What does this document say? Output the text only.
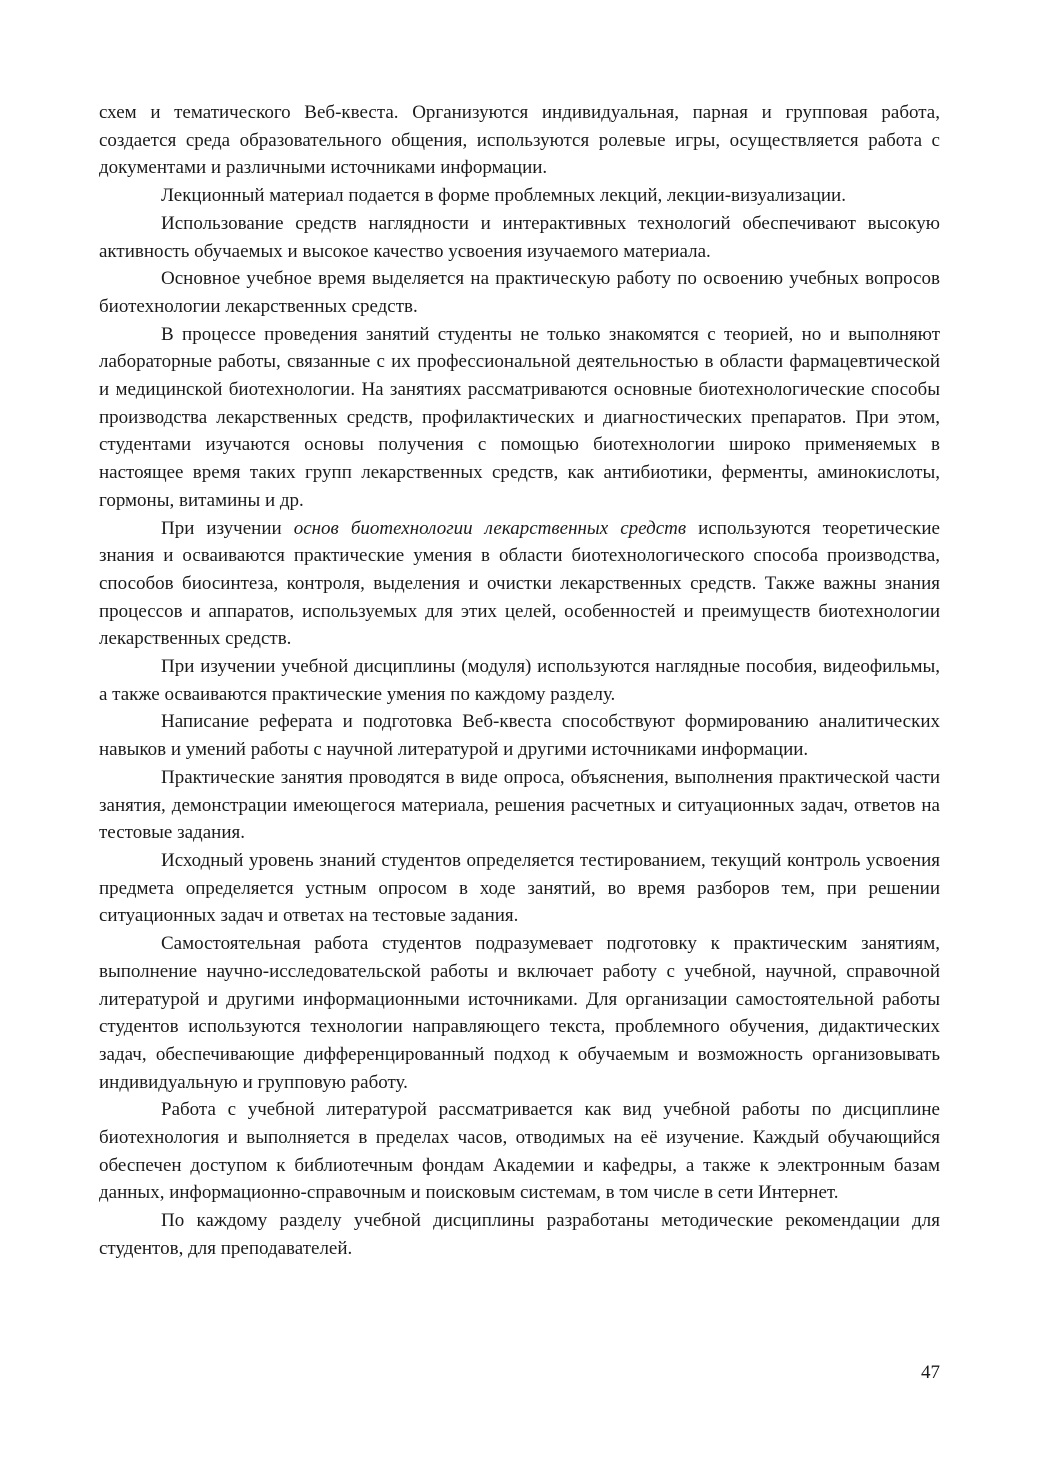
схем и тематического Веб-квеста. Организуются индивидуальная, парная и групповая работа, создается среда образовательного общения, используются ролевые игры, осуществляется работа с документами и различными источниками информации.

Лекционный материал подается в форме проблемных лекций, лекции-визуализации.

Использование средств наглядности и интерактивных технологий обеспечивают высокую активность обучаемых и высокое качество усвоения изучаемого материала.

Основное учебное время выделяется на практическую работу по освоению учебных вопросов биотехнологии лекарственных средств.

В процессе проведения занятий студенты не только знакомятся с теорией, но и выполняют лабораторные работы, связанные с их профессиональной деятельностью в области фармацевтической и медицинской биотехнологии. На занятиях рассматриваются основные биотехнологические способы производства лекарственных средств, профилактических и диагностических препаратов. При этом, студентами изучаются основы получения с помощью биотехнологии широко применяемых в настоящее время таких групп лекарственных средств, как антибиотики, ферменты, аминокислоты, гормоны, витамины и др.

При изучении основ биотехнологии лекарственных средств используются теоретические знания и осваиваются практические умения в области биотехнологического способа производства, способов биосинтеза, контроля, выделения и очистки лекарственных средств. Также важны знания процессов и аппаратов, используемых для этих целей, особенностей и преимуществ биотехнологии лекарственных средств.

При изучении учебной дисциплины (модуля) используются наглядные пособия, видеофильмы, а также осваиваются практические умения по каждому разделу.

Написание реферата и подготовка Веб-квеста способствуют формированию аналитических навыков и умений работы с научной литературой и другими источниками информации.

Практические занятия проводятся в виде опроса, объяснения, выполнения практической части занятия, демонстрации имеющегося материала, решения расчетных и ситуационных задач, ответов на тестовые задания.

Исходный уровень знаний студентов определяется тестированием, текущий контроль усвоения предмета определяется устным опросом в ходе занятий, во время разборов тем, при решении ситуационных задач и ответах на тестовые задания.

Самостоятельная работа студентов подразумевает подготовку к практическим занятиям, выполнение научно-исследовательской работы и включает работу с учебной, научной, справочной литературой и другими информационными источниками. Для организации самостоятельной работы студентов используются технологии направляющего текста, проблемного обучения, дидактических задач, обеспечивающие дифференцированный подход к обучаемым и возможность организовывать индивидуальную и групповую работу.

Работа с учебной литературой рассматривается как вид учебной работы по дисциплине биотехнология и выполняется в пределах часов, отводимых на её изучение. Каждый обучающийся обеспечен доступом к библиотечным фондам Академии и кафедры, а также к электронным базам данных, информационно-справочным и поисковым системам, в том числе в сети Интернет.

По каждому разделу учебной дисциплины разработаны методические рекомендации для студентов, для преподавателей.

47
